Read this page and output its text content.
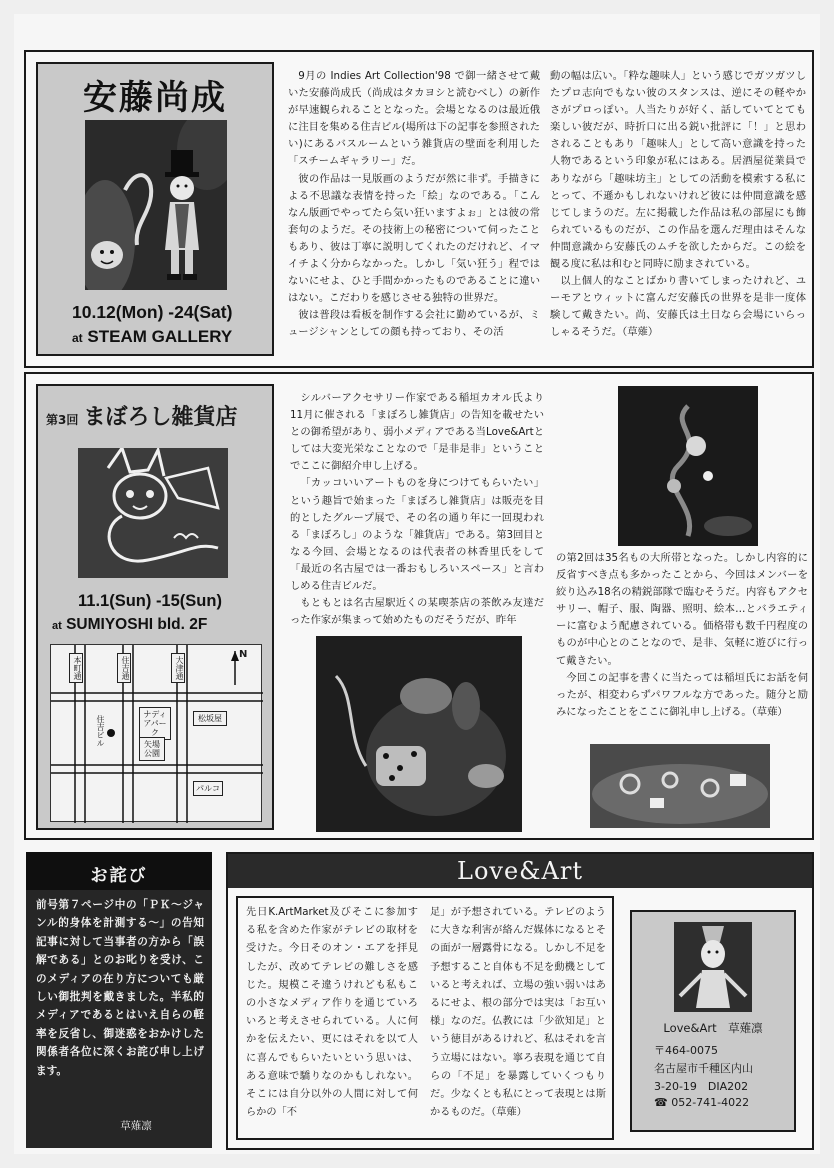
安藤尚成
10.12(Mon) -24(Sat)
at STEAM GALLERY

9月の Indies Art Collection'98 で御一緒させて戴いた安藤尚成氏（尚成はタカヨシと読むべし）の新作が早速観られることとなった。会場となるのは最近俄に注目を集める住吉ビル(場所は下の記事を参照されたい)にあるバスルームという雑貨店の壁面を利用した「スチームギャラリー」だ。

彼の作品は一見版画のようだが然に非ず。手描きによる不思議な表情を持った「絵」なのである。「こんなん版画でやってたら気い狂いますよぉ」とは彼の常套句のようだ。その技術上の秘密について伺ったこともあり、彼は丁寧に説明してくれたのだけれど、イマイチよく分からなかった。しかし「気い狂う」程ではないにせよ、ひと手間かかったものであることに違いはない。こだわりを感じさせる独特の世界だ。

彼は普段は看板を制作する会社に勤めているが、ミュージシャンとしての顔も持っており、その活

動の幅は広い。「粋な趣味人」という感じでガツガツしたプロ志向でもない彼のスタンスは、逆にその軽やかさがプロっぽい。人当たりが好く、話していてとても楽しい彼だが、時折口に出る鋭い批評に「！」と思わされることもあり「趣味人」として高い意識を持った人物であるという印象が私にはある。居酒屋従業員でありながら「趣味坊主」としての活動を模索する私にとって、不遜かもしれないけれど彼には仲間意識を感じてしまうのだ。左に掲載した作品は私の部屋にも飾られているものだが、この作品を選んだ理由はそんな仲間意識から安藤氏のムチを欲したからだ。この絵を観る度に私は和むと同時に励まされている。

以上個人的なことばかり書いてしまったけれど、ユーモアとウィットに富んだ安藤氏の世界を是非一度体験して戴きたい。尚、安藤氏は土日なら会場にいらっしゃるそうだ。（草薙）

第3回 まぼろし雑貨店
11.1(Sun) -15(Sun)
at SUMIYOSHI bld. 2F
本町通	住吉通	大津通
N
住吉ビル
ナディアパーク
矢場公園
松坂屋
パルコ

シルバーアクセサリー作家である稲垣カオル氏より11月に催される「まぼろし雑貨店」の告知を載せたいとの御希望があり、弱小メディアである当Love&Artとしては大変光栄なことなので「是非是非」ということでここに御紹介申し上げる。

「カッコいいアートものを身につけてもらいたい」という趣旨で始まった「まぼろし雑貨店」は販売を目的としたグループ展で、その名の通り年に一回現われる「まぼろし」のような「雑貨店」である。第3回目となる今回、会場となるのは代表者の林香里氏をして「最近の名古屋では一番おもしろいスペース」と言わしめる住吉ビルだ。

もともとは名古屋駅近くの某喫茶店の茶飲み友達だった作家が集まって始めたものだそうだが、昨年

の第2回は35名もの大所帯となった。しかし内容的に反省すべき点も多かったことから、今回はメンバーを絞り込み18名の精鋭部隊で臨むそうだ。内容もアクセサリー、帽子、服、陶器、照明、絵本…とバラエティーに富むよう配慮されている。価格帯も数千円程度のものが中心とのことなので、是非、気軽に遊びに行って戴きたい。

今回この記事を書くに当たっては稲垣氏にお話を伺ったが、相変わらずパワフルな方であった。随分と励みになったことをここに御礼申し上げる。（草薙）

お詫び
前号第７ページ中の「ＰＫ〜ジャンル的身体を計測する〜」の告知記事に対して当事者の方から「誤解である」とのお叱りを受け、このメディアの在り方についても厳しい御批判を戴きました。半私的メディアであるとはいえ自らの軽率を反省し、御迷惑をおかけした関係者各位に深くお詫び申し上げます。
草薙凛
Love&Art
先日K.ArtMarket及びそこに参加する私を含めた作家がテレビの取材を受けた。今日そのオン・エアを拝見したが、改めてテレビの難しさを感じた。規模こそ違うけれども私もこの小さなメディア作りを通じていろいろと考えさせられている。人に何かを伝えたい、更にはそれを以て人に喜んでもらいたいという思いは、ある意味で驕りなのかもしれない。そこには自分以外の人間に対して何らかの「不
足」が予想されている。テレビのように大きな利害が絡んだ媒体になるとその面が一層露骨になる。しかし不足を予想すること自体も不足を動機としていると考えれば、立場の強い弱いはあるにせよ、根の部分では実は「お互い様」なのだ。仏教には「少欲知足」という徳目があるけれど、私はそれを言う立場にはない。寧ろ表現を通じて自らの「不足」を暴露していくつもりだ。少なくとも私にとって表現とは斯かるものだ。（草薙）
Love&Art　草薙凛
〒464-0075
名古屋市千種区内山
3-20-19　DIA202
☎ 052-741-4022
